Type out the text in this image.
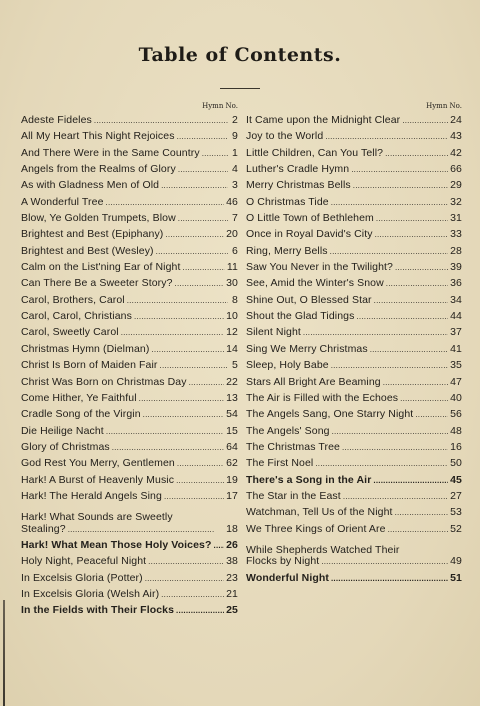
Table of Contents.
Hymn No.
Adeste Fideles . . .	2
All My Heart This Night Rejoices . . .	9
And There Were in the Same Country . . .	1
Angels from the Realms of Glory . . .	4
As with Gladness Men of Old . . .	3
A Wonderful Tree . . .	46
Blow, Ye Golden Trumpets, Blow . . .	7
Brightest and Best (Epiphany) . . .	20
Brightest and Best (Wesley) . . .	6
Calm on the List'ning Ear of Night . . .	11
Can There Be a Sweeter Story? . . .	30
Carol, Brothers, Carol . . .	8
Carol, Carol, Christians . . .	10
Carol, Sweetly Carol . . .	12
Christmas Hymn (Dielman) . . .	14
Christ Is Born of Maiden Fair . . .	5
Christ Was Born on Christmas Day . . .	22
Come Hither, Ye Faithful . . .	13
Cradle Song of the Virgin . . .	54
Die Heilige Nacht . . .	15
Glory of Christmas . . .	64
God Rest You Merry, Gentlemen . . .	62
Hark! A Burst of Heavenly Music . . .	19
Hark! The Herald Angels Sing . . .	17
Hark! What Sounds are Sweetly
Stealing? . . .	18
Hark! What Mean Those Holy Voices? . . . 26
Holy Night, Peaceful Night . . .	38
In Excelsis Gloria (Potter) . . .	23
In Excelsis Gloria (Welsh Air) . . .	21
In the Fields with Their Flocks . . .	25
Hymn No.
It Came upon the Midnight Clear . . .	24
Joy to the World . . .	43
Little Children, Can You Tell? . . .	42
Luther's Cradle Hymn . . .	66
Merry Christmas Bells . . .	29
O Christmas Tide . . .	32
O Little Town of Bethlehem . . .	31
Once in Royal David's City . . .	33
Ring, Merry Bells . . .	28
Saw You Never in the Twilight? . . .	39
See, Amid the Winter's Snow . . .	36
Shine Out, O Blessed Star . . .	34
Shout the Glad Tidings . . .	44
Silent Night . . .	37
Sing We Merry Christmas . . .	41
Sleep, Holy Babe . . .	35
Stars All Bright Are Beaming . . .	47
The Air is Filled with the Echoes . . .	40
The Angels Sang, One Starry Night . . .	56
The Angels' Song . . .	48
The Christmas Tree . . .	16
The First Noel . . .	50
There's a Song in the Air . . .	45
The Star in the East . . .	27
Watchman, Tell Us of the Night . . .	53
We Three Kings of Orient Are . . .	52
While Shepherds Watched Their
Flocks by Night . . .	49
Wonderful Night . . .	51
